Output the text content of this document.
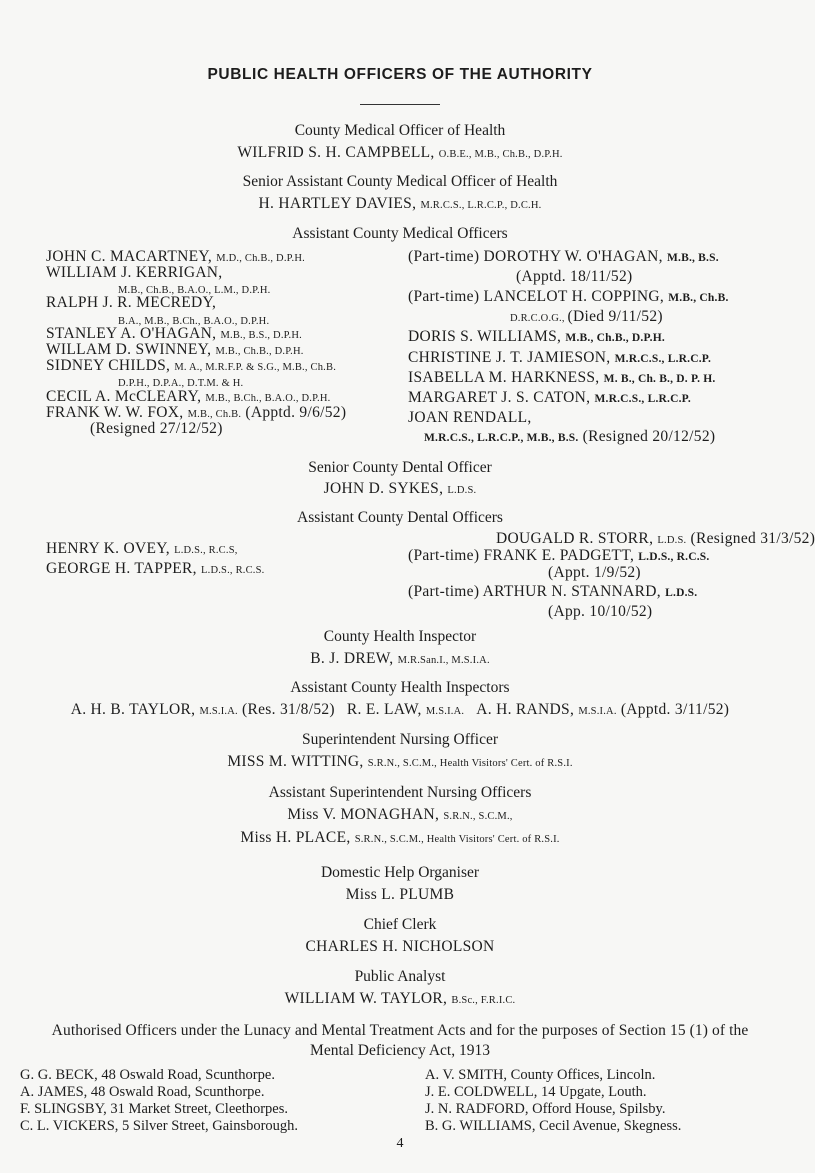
PUBLIC HEALTH OFFICERS OF THE AUTHORITY
County Medical Officer of Health
WILFRID S. H. CAMPBELL, O.B.E., M.B., Ch.B., D.P.H.
Senior Assistant County Medical Officer of Health
H. HARTLEY DAVIES, M.R.C.S., L.R.C.P., D.C.H.
Assistant County Medical Officers
JOHN C. MACARTNEY, M.D., Ch.B., D.P.H.
WILLIAM J. KERRIGAN,
M.B., Ch.B., B.A.O., L.M., D.P.H.
RALPH J. R. MECREDY,
B.A., M.B., B.Ch., B.A.O., D.P.H.
STANLEY A. O'HAGAN, M.B., B.S., D.P.H.
WILLAM D. SWINNEY, M.B., Ch.B., D.P.H.
SIDNEY CHILDS, M. A., M.R.F.P. & S.G., M.B., Ch.B.
D.P.H., D.P.A., D.T.M. & H.
CECIL A. McCLEARY, M.B., B.Ch., B.A.O., D.P.H.
FRANK W. W. FOX, M.B., Ch.B. (Apptd. 9/6/52)
(Resigned 27/12/52)
(Part-time) DOROTHY W. O'HAGAN, M.B., B.S.
(Apptd. 18/11/52)
(Part-time) LANCELOT H. COPPING, M.B., Ch.B.
D.R.C.O.G., (Died 9/11/52)
DORIS S. WILLIAMS, M.B., Ch.B., D.P.H.
CHRISTINE J. T. JAMIESON, M.R.C.S., L.R.C.P.
ISABELLA M. HARKNESS, M. B., Ch. B., D. P. H.
MARGARET J. S. CATON, M.R.C.S., L.R.C.P.
JOAN RENDALL,
M.R.C.S., L.R.C.P., M.B., B.S. (Resigned 20/12/52)
Senior County Dental Officer
JOHN D. SYKES, L.D.S.
Assistant County Dental Officers
HENRY K. OVEY, L.D.S., R.C.S,
GEORGE H. TAPPER, L.D.S., R.C.S.
DOUGALD R. STORR, L.D.S. (Resigned 31/3/52)
(Part-time) FRANK E. PADGETT, L.D.S., R.C.S.
(Appt. 1/9/52)
(Part-time) ARTHUR N. STANNARD, L.D.S.
(App. 10/10/52)
County Health Inspector
B. J. DREW, M.R.San.I., M.S.I.A.
Assistant County Health Inspectors
A. H. B. TAYLOR, M.S.I.A. (Res. 31/8/52) R. E. LAW, M.S.I.A. A. H. RANDS, M.S.I.A. (Apptd. 3/11/52)
Superintendent Nursing Officer
MISS M. WITTING, S.R.N., S.C.M., Health Visitors' Cert. of R.S.I.
Assistant Superintendent Nursing Officers
Miss V. MONAGHAN, S.R.N., S.C.M.,
Miss H. PLACE, S.R.N., S.C.M., Health Visitors' Cert. of R.S.I.
Domestic Help Organiser
Miss L. PLUMB
Chief Clerk
CHARLES H. NICHOLSON
Public Analyst
WILLIAM W. TAYLOR, B.Sc., F.R.I.C.
Authorised Officers under the Lunacy and Mental Treatment Acts and for the purposes of Section 15 (1) of the
Mental Deficiency Act, 1913
G. G. BECK, 48 Oswald Road, Scunthorpe.
A. JAMES, 48 Oswald Road, Scunthorpe.
F. SLINGSBY, 31 Market Street, Cleethorpes.
C. L. VICKERS, 5 Silver Street, Gainsborough.
A. V. SMITH, County Offices, Lincoln.
J. E. COLDWELL, 14 Upgate, Louth.
J. N. RADFORD, Offord House, Spilsby.
B. G. WILLIAMS, Cecil Avenue, Skegness.
4
